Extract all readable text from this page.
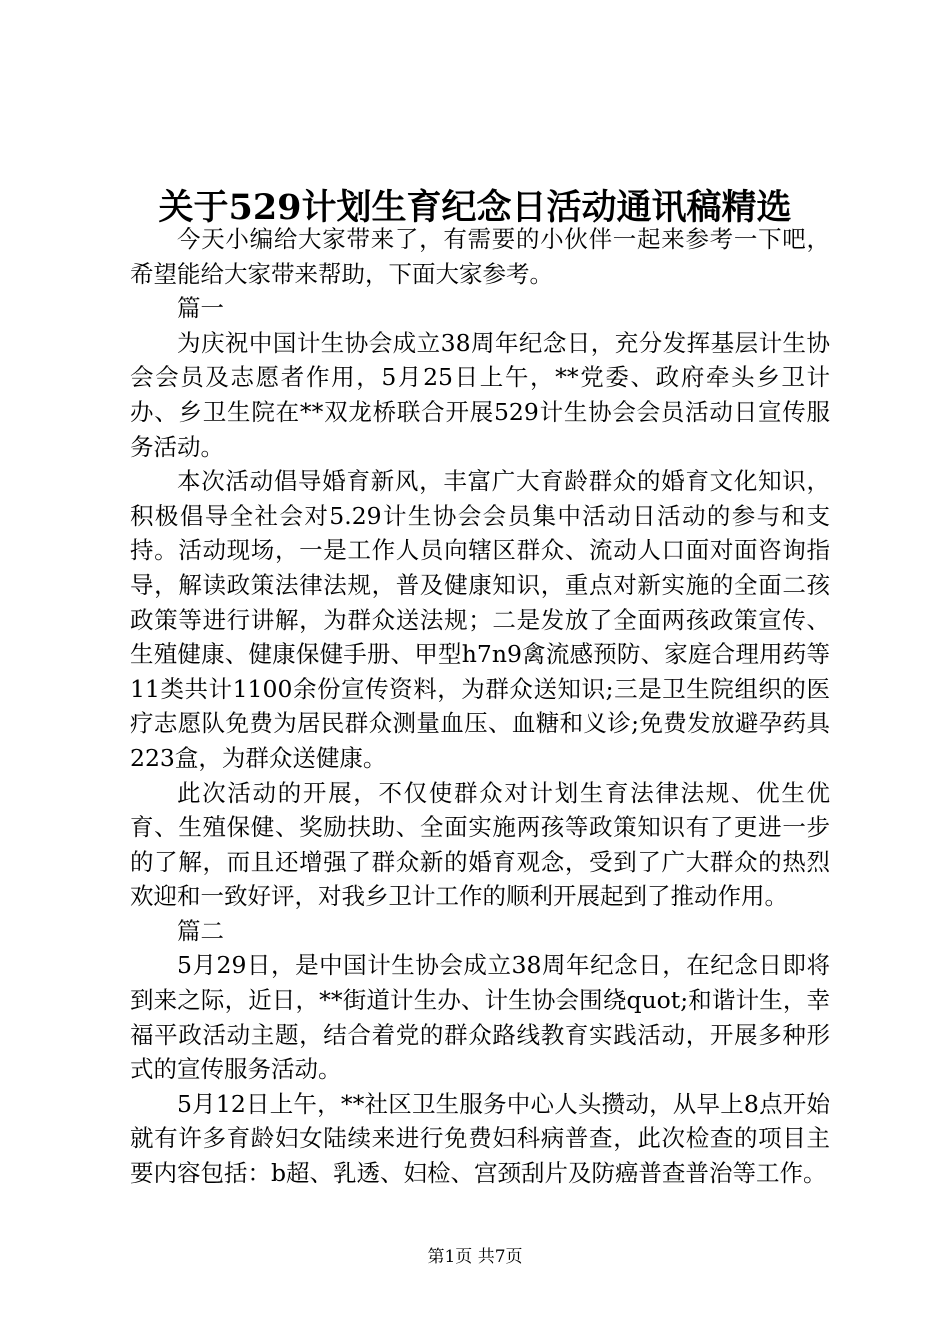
关于529计划生育纪念日活动通讯稿精选

今天小编给大家带来了，有需要的小伙伴一起来参考一下吧，希望能给大家带来帮助，下面大家参考。

篇一

为庆祝中国计生协会成立38周年纪念日，充分发挥基层计生协会会员及志愿者作用，5月25日上午，**党委、政府牵头乡卫计办、乡卫生院在**双龙桥联合开展529计生协会会员活动日宣传服务活动。

本次活动倡导婚育新风，丰富广大育龄群众的婚育文化知识，积极倡导全社会对5.29计生协会会员集中活动日活动的参与和支持。活动现场，一是工作人员向辖区群众、流动人口面对面咨询指导，解读政策法律法规，普及健康知识，重点对新实施的全面二孩政策等进行讲解，为群众送法规；二是发放了全面两孩政策宣传、生殖健康、健康保健手册、甲型h7n9禽流感预防、家庭合理用药等11类共计1100余份宣传资料，为群众送知识;三是卫生院组织的医疗志愿队免费为居民群众测量血压、血糖和义诊;免费发放避孕药具223盒，为群众送健康。

此次活动的开展，不仅使群众对计划生育法律法规、优生优育、生殖保健、奖励扶助、全面实施两孩等政策知识有了更进一步的了解，而且还增强了群众新的婚育观念，受到了广大群众的热烈欢迎和一致好评，对我乡卫计工作的顺利开展起到了推动作用。

篇二

5月29日，是中国计生协会成立38周年纪念日，在纪念日即将到来之际，近日，**街道计生办、计生协会围绕quot;和谐计生，幸福平政活动主题，结合着党的群众路线教育实践活动，开展多种形式的宣传服务活动。

5月12日上午，**社区卫生服务中心人头攒动，从早上8点开始就有许多育龄妇女陆续来进行免费妇科病普查，此次检查的项目主要内容包括：b超、乳透、妇检、宫颈刮片及防癌普查普治等工作。

第1页 共7页
